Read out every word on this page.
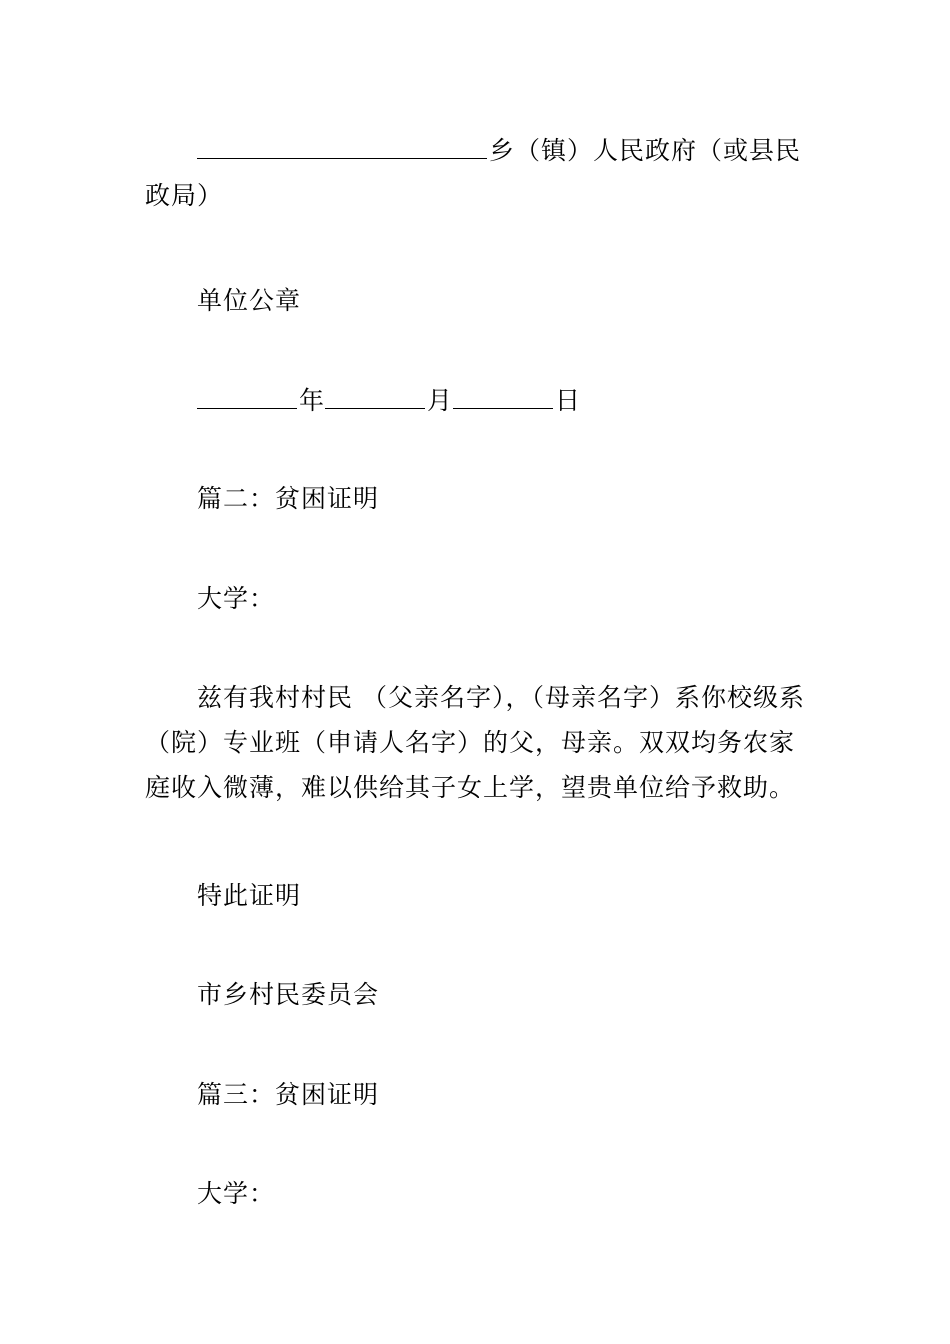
乡（镇）人民政府（或县民政局）

单位公章

年	月	日

篇二：贫困证明

大学：

兹有我村村民 （父亲名字），（母亲名字）系你校级系（院）专业班（申请人名字）的父，母亲。双双均务农家庭收入微薄，难以供给其子女上学，望贵单位给予救助。

特此证明

市乡村民委员会

篇三：贫困证明

大学：
